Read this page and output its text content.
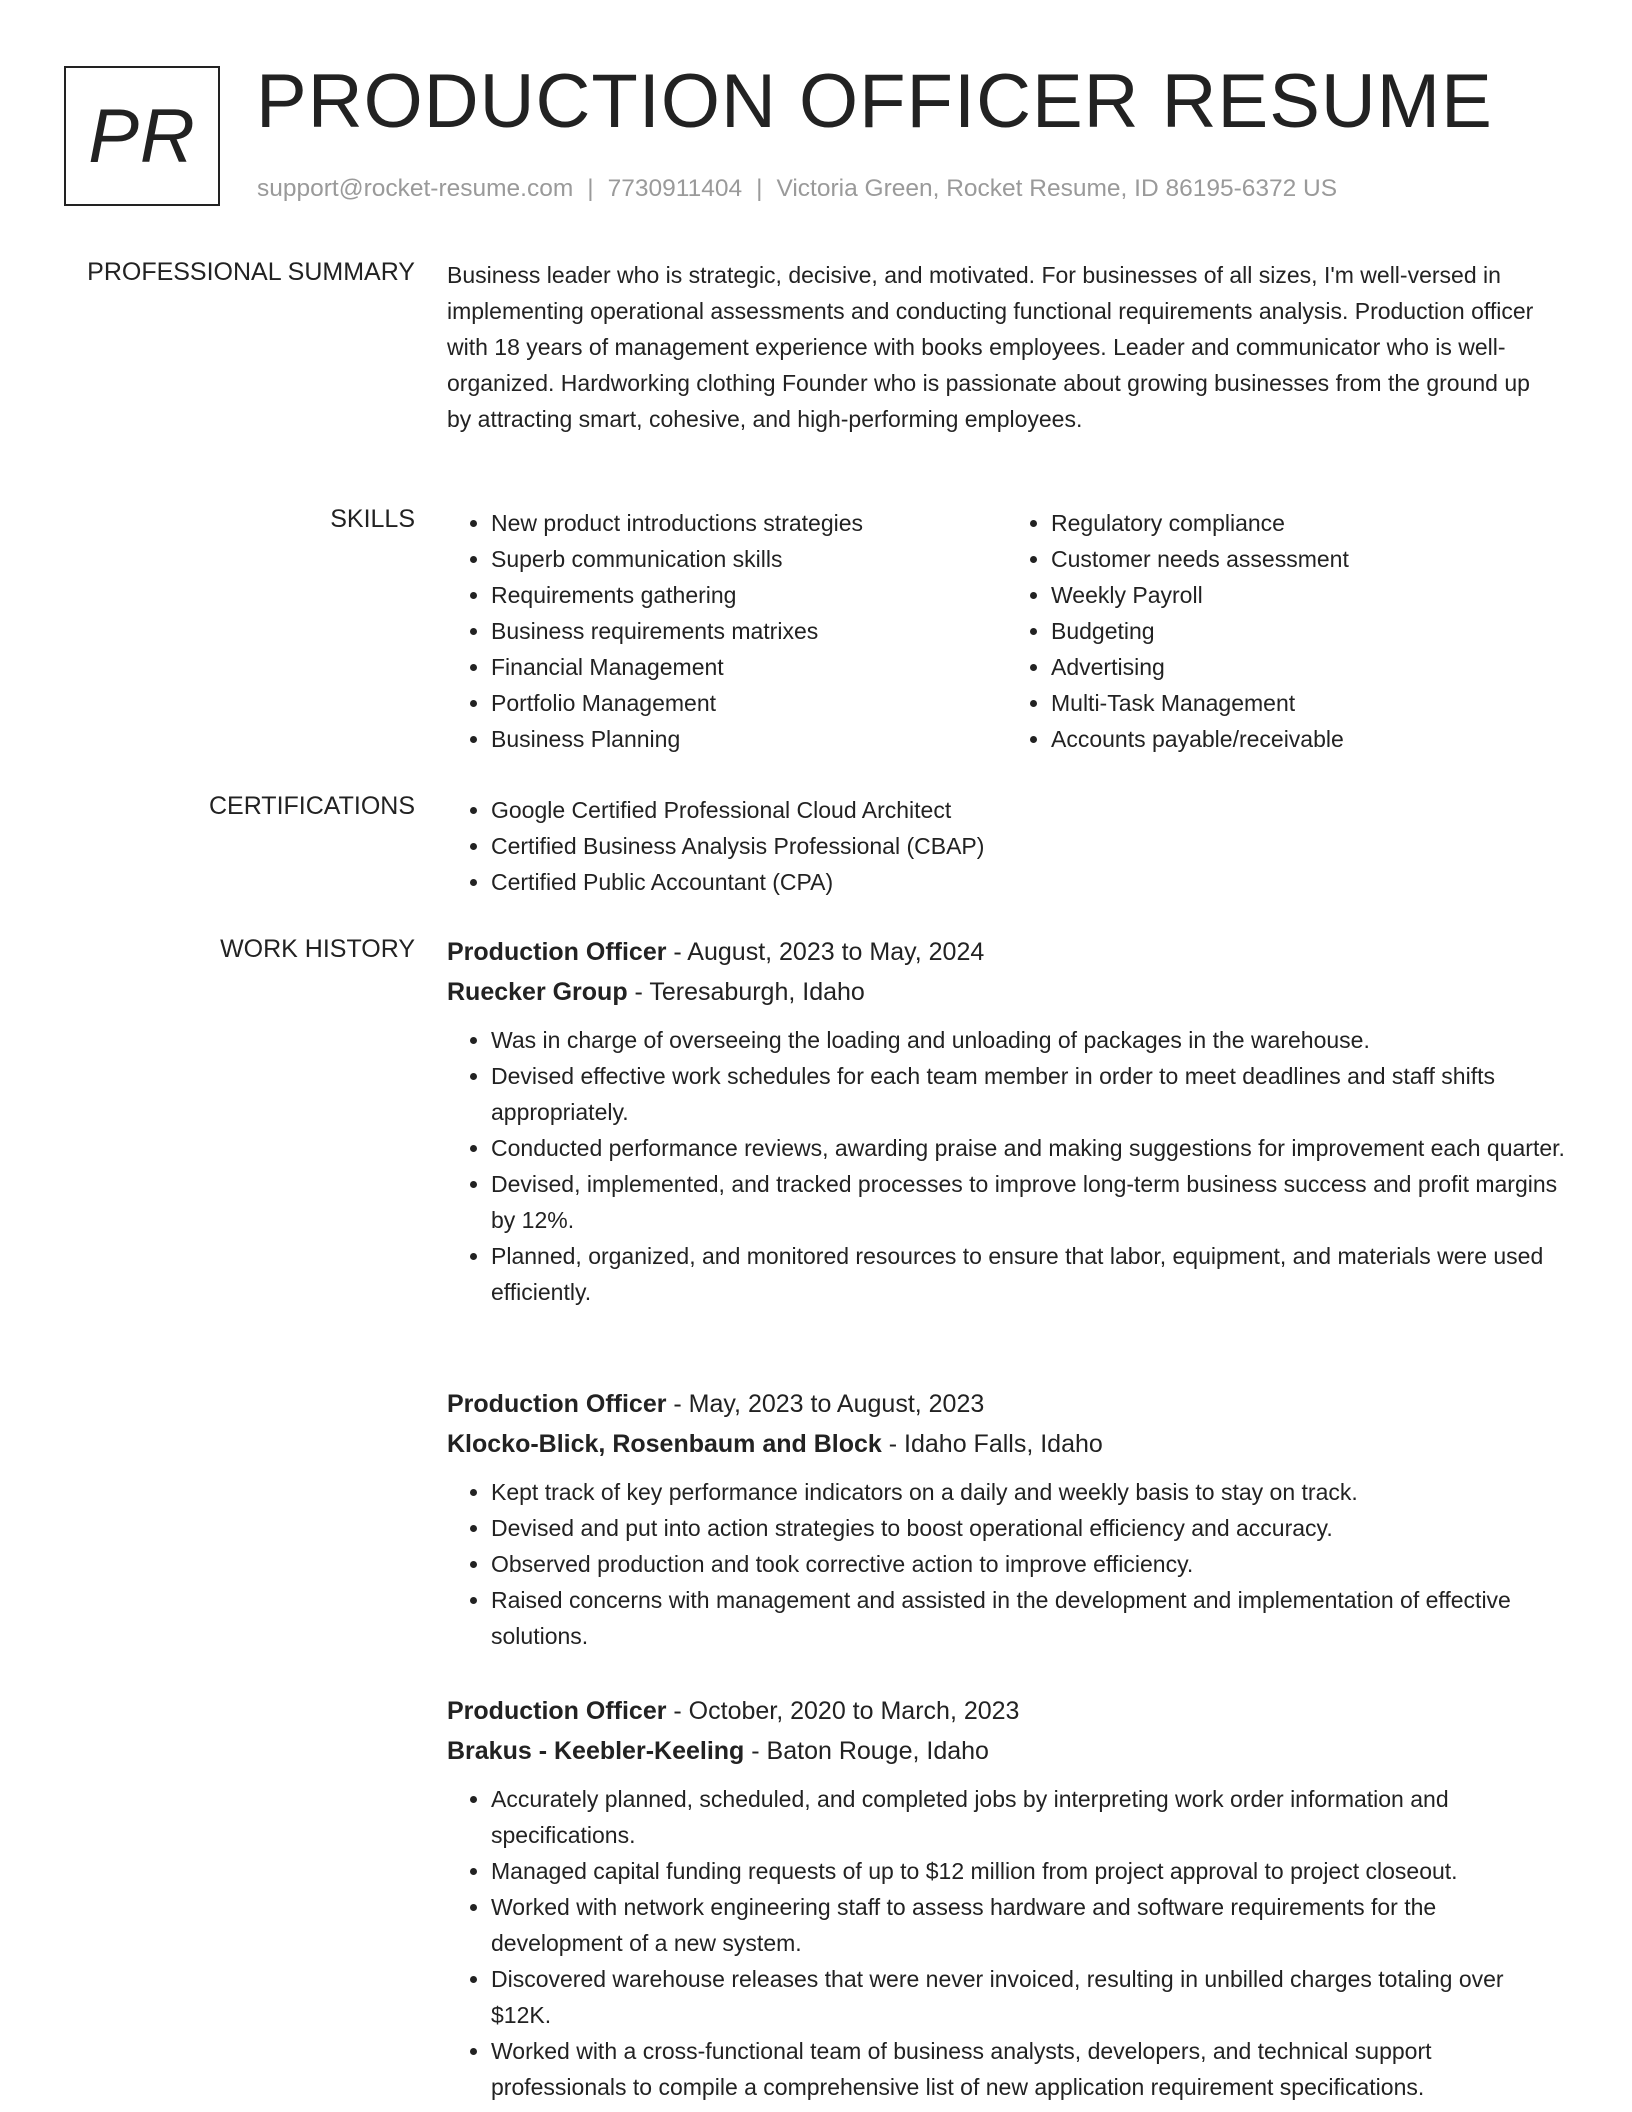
PR PRODUCTION OFFICER RESUME
support@rocket-resume.com | 7730911404 | Victoria Green, Rocket Resume, ID 86195-6372 US
PROFESSIONAL SUMMARY Business leader who is strategic, decisive, and motivated. For businesses of all sizes, I'm well-versed in implementing operational assessments and conducting functional requirements analysis. Production officer with 18 years of management experience with books employees. Leader and communicator who is well-organized. Hardworking clothing Founder who is passionate about growing businesses from the ground up by attracting smart, cohesive, and high-performing employees.

SKILLS	• New product introductions strategies
• Superb communication skills
• Requirements gathering
• Business requirements matrixes
• Financial Management
• Portfolio Management
• Business Planning
• Regulatory compliance
• Customer needs assessment
• Weekly Payroll
• Budgeting
• Advertising
• Multi-Task Management
• Accounts payable/receivable
CERTIFICATIONS	• Google Certified Professional Cloud Architect
• Certified Business Analysis Professional (CBAP)
• Certified Public Accountant (CPA)
WORK HISTORY Production Officer - August, 2023 to May, 2024
Ruecker Group - Teresaburgh, Idaho
• Was in charge of overseeing the loading and unloading of packages in the warehouse.
• Devised effective work schedules for each team member in order to meet deadlines and staff shifts appropriately.
• Conducted performance reviews, awarding praise and making suggestions for improvement each quarter.
• Devised, implemented, and tracked processes to improve long-term business success and profit margins by 12%.
• Planned, organized, and monitored resources to ensure that labor, equipment, and materials were used efficiently.
Production Officer - May, 2023 to August, 2023
Klocko-Blick, Rosenbaum and Block - Idaho Falls, Idaho
• Kept track of key performance indicators on a daily and weekly basis to stay on track.
• Devised and put into action strategies to boost operational efficiency and accuracy.
• Observed production and took corrective action to improve efficiency.
• Raised concerns with management and assisted in the development and implementation of effective solutions.
Production Officer - October, 2020 to March, 2023
Brakus - Keebler-Keeling - Baton Rouge, Idaho
• Accurately planned, scheduled, and completed jobs by interpreting work order information and specifications.
• Managed capital funding requests of up to $12 million from project approval to project closeout.
• Worked with network engineering staff to assess hardware and software requirements for the development of a new system.
• Discovered warehouse releases that were never invoiced, resulting in unbilled charges totaling over $12K.
• Worked with a cross-functional team of business analysts, developers, and technical support professionals to compile a comprehensive list of new application requirement specifications.
